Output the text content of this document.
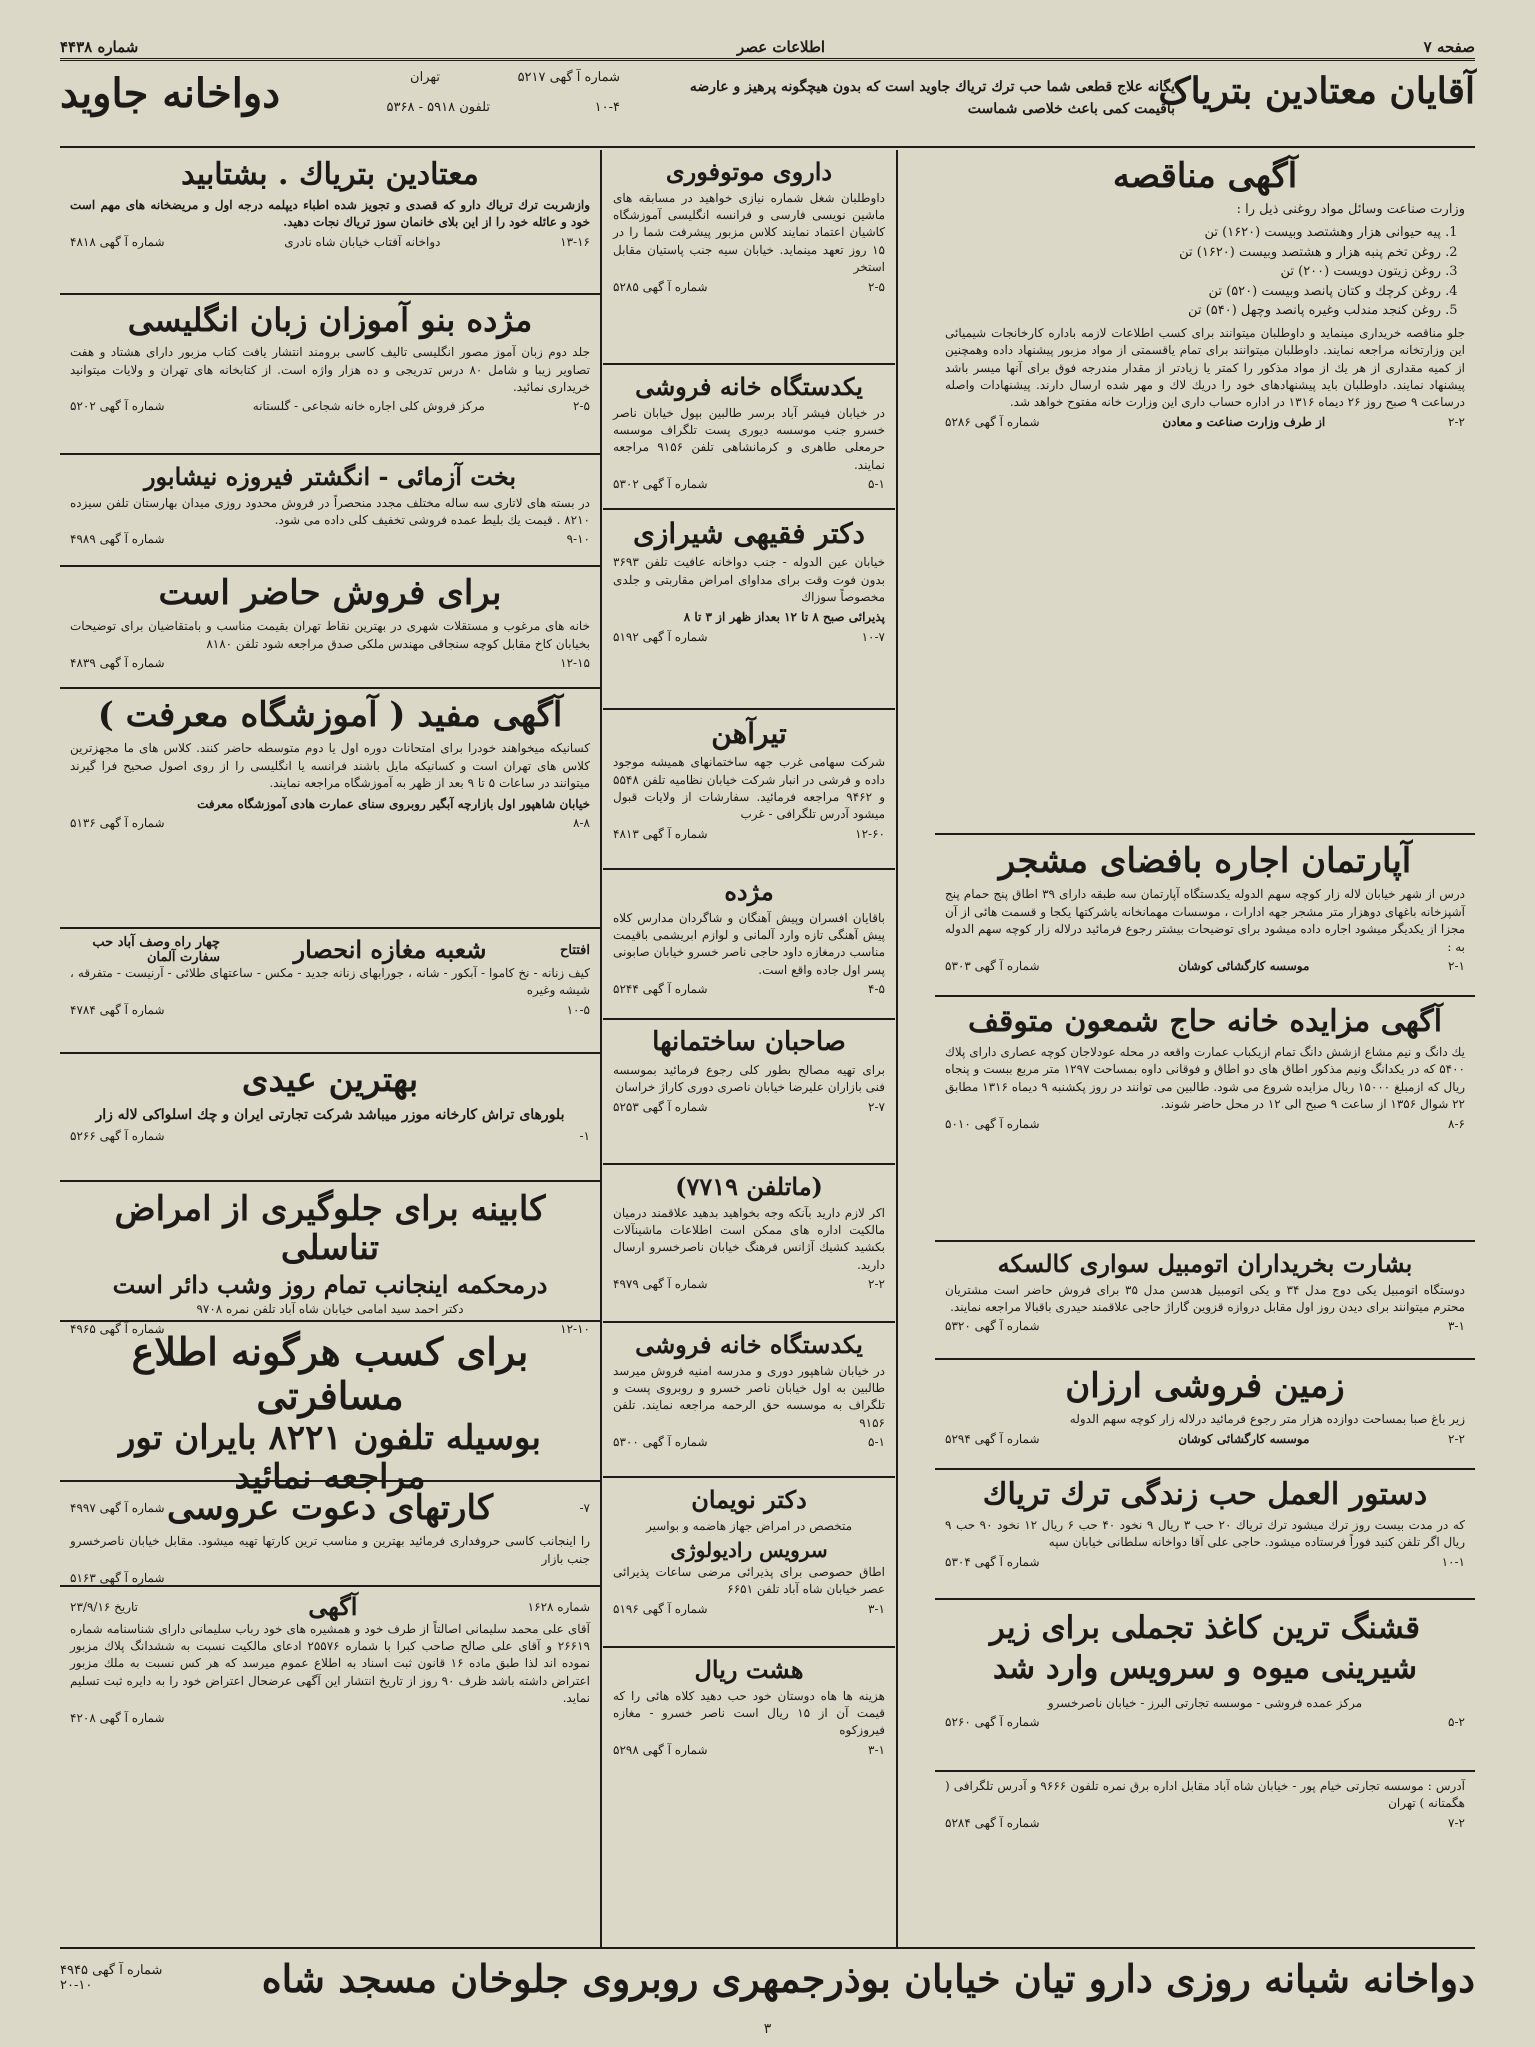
صفحه ۷
اطلاعات عصر
شماره ۴۴۳۸
آقایان معتادین بتریاک
یگانه علاج قطعی شما حب ترك تریاك جاوید است كه بدون هیچگونه پرهیز و عارضه باقیمت كمی باعث خلاصی شماست
شماره آ گهی ۵۲۱۷
تهران
۱۰-۴
تلفون ۵۹۱۸ - ۵۳۶۸
دواخانه جاوید
آگهی مناقصه

وزارت صناعت وسائل مواد روغنی ذیل را :

1. پیه حیوانی هزار وهشتصد وبیست (۱۶۲۰) تن
2. روغن تخم پنبه هزار و هشتصد وبیست (۱۶۲۰) تن
3. روغن زیتون دویست (۲۰۰) تن
4. روغن کرچك و كتان پانصد وبیست (۵۲۰) تن
5. روغن كنجد مندلب وغیره پانصد وچهل (۵۴۰) تن

جلو مناقصه خریداری مینماید و داوطلبان میتوانند برای كسب اطلاعات لازمه باداره كارخانجات شیمیائی این وزارتخانه مراجعه نمایند. داوطلبان میتوانند برای تمام یاقسمتی از مواد مزبور پیشنهاد داده وهمچنین از كمیه مقداری از هر یك از مواد مذكور را كمتر یا زیادتر از مقدار مندرجه فوق برای آنها میسر باشد پیشنهاد نمایند. داوطلبان باید پیشنهادهای خود را دریك لاك و مهر شده ارسال دارند. پیشنهادات واصله درساعت ۹ صبح روز ۲۶ دیماه ۱۳۱۶ در اداره حساب داری این وزارت خانه مفتوح خواهد شد.

۲-۲
از طرف وزارت صناعت و معادن
شماره آ گهی ۵۲۸۶
آپارتمان اجاره بافضای مشجر

درس از شهر خیابان لاله زار كوچه سهم الدوله یكدستگاه آپارتمان سه طبقه دارای ۳۹ اطاق پنج حمام پنج آشپزخانه باغهای دوهزار متر مشجر جهه ادارات ، موسسات مهمانخانه یاشركتها یكجا و قسمت هائی از آن مجزا از یكدیگر میشود اجاره داده میشود برای توضیحات بیشتر رجوع فرمائید درلاله زار كوچه سهم الدوله به :

۲-۱
موسسه كارگشائی كوشان
شماره آ گهی ۵۳۰۳
آگهی مزایده خانه حاج شمعون متوقف

یك دانگ و نیم مشاع ازشش دانگ تمام ازیكباب عمارت واقعه در محله عودلاجان كوچه عصاری دارای پلاك ۵۴۰۰ كه در یكدانگ ونیم مذكور اطاق های دو اطاق و فوقانی داوه بمساحت ۱۲۹۷ متر مربع ببست و پنجاه ریال كه ازمبلغ ۱۵۰۰۰ ریال مزایده شروع می شود. طالبین می توانند در روز پكشنبه ۹ دیماه ۱۳۱۶ مطابق ۲۲ شوال ۱۳۵۶ از ساعت ۹ صبح الی ۱۲ در محل حاضر شوند.

۸-۶
شماره آ گهی ۵۰۱۰
بشارت بخریداران اتومبیل سواری كالسكه

دوستگاه اتومبیل یكی دوج مدل ۳۴ و یكی اتومبیل هدسن مدل ۳۵ برای فروش حاضر است مشتریان محترم میتوانند برای دیدن روز اول مقابل دروازه قزوین گاراژ حاجی علاقمند حیدری باقبالا مراجعه نمایند.

۳-۱
شماره آ گهی ۵۳۲۰
زمین فروشی ارزان

زیر باغ صبا بمساحت دوازده هزار متر رجوع فرمائید درلاله زار كوچه سهم الدوله

۲-۲
موسسه كارگشائی كوشان
شماره آ گهی ۵۲۹۴
دستور العمل حب زندگی ترك تریاك

كه در مدت بیست روز ترك میشود ترك تریاك ۲۰ حب ۳ ریال ۹ نخود ۴۰ حب ۶ ریال ۱۲ نخود ۹۰ حب ۹ ریال اگر تلفن كنید فوراً فرستاده میشود. حاجی علی آقا دواخانه سلطانی خیابان سپه

۱۰-۱
شماره آ گهی ۵۳۰۴
قشنگ ترین كاغذ تجملی برای زیر شیرینی میوه و سرویس وارد شد

مركز عمده فروشی - موسسه تجارتی البرز - خیابان ناصرخسرو

۵-۲
شماره آ گهی ۵۲۶۰

آدرس : موسسه تجارتی خیام پور - خیابان شاه آباد مقابل اداره برق نمره تلفون ۹۶۶۶ و آدرس تلگرافی ( هگمتانه ) تهران

۷-۲
شماره آ گهی ۵۲۸۴
داروی موتوفوری

داوطلبان شغل شماره نیازی خواهید در مسابقه های ماشین نویسی فارسی و فرانسه انگلیسی آموزشگاه كاشیان اعتماد نمایند كلاس مزبور پیشرفت شما را در ۱۵ روز تعهد مینماید. خیابان سیه جنب پاستیان مقابل استخر

۲-۵
شماره آ گهی ۵۲۸۵
یكدستگاه خانه فروشی

در خیابان فیشر آباد برسر طالبین بپول خیابان ناصر خسرو جنب موسسه دیوری پست تلگراف موسسه حرمعلی طاهری و كرمانشاهی تلفن ۹۱۵۶ مراجعه نمایند.

۵-۱
شماره آ گهی ۵۳۰۲
دكتر فقیهی شیرازی

خیابان عین الدوله - جنب دواخانه عافیت تلفن ۳۶۹۳ بدون فوت وقت برای مداوای امراض مقاربتی و جلدی مخصوصاً سوزاك

پذیرائی صبح ۸ تا ۱۲ بعداز ظهر از ۳ تا ۸

۱۰-۷
شماره آ گهی ۵۱۹۲
تیرآهن

شركت سهامی غرب جهه ساختمانهای همیشه موجود داده و فرشی در انبار شركت خیابان نظامیه تلفن ۵۵۴۸ و ۹۴۶۲ مراجعه فرمائید. سفارشات از ولایات قبول میشود آدرس تلگرافی - غرب

۱۲-۶۰
شماره آ گهی ۴۸۱۳
مژده

باقایان افسران وپیش آهنگان و شاگردان مدارس كلاه پیش آهنگی تازه وارد آلمانی و لوازم ابریشمی باقیمت مناسب درمغازه داود حاجی ناصر خسرو خیابان صابونی پسر اول جاده واقع است.

۴-۵
شماره آ گهی ۵۲۴۴
صاحبان ساختمانها

برای تهیه مصالح بطور كلی رجوع فرمائید بموسسه فنی بازاران علیرضا خیابان ناصری دوری كاراژ خراسان

۲-۷
شماره آ گهی ۵۲۵۳
(ماتلفن ۷۷۱۹)

اكر لازم دارید بآنكه وجه بخواهید بدهید علاقمند درمیان مالكیت اداره های ممكن است اطلاعات ماشینآلات بكشید كشیك آژانس فرهنگ خیابان ناصرخسرو ارسال دارید.

۲-۲
شماره آ گهی ۴۹۷۹
یكدستگاه خانه فروشی

در خیابان شاهپور دوری و مدرسه امنیه فروش میرسد طالبین به اول خیابان ناصر خسرو و روبروی پست و تلگراف به موسسه حق الرحمه مراجعه نمایند. تلفن ۹۱۵۶

۵-۱
شماره آ گهی ۵۳۰۰
دكتر نویمان

متخصص در امراض جهاز هاضمه و بواسیر

سرویس رادیولوژی

اطاق حصوصی برای پذیرائی مرضی ساعات پذیرائی عصر خیابان شاه آباد تلفن ۶۶۵۱

۳-۱
شماره آ گهی ۵۱۹۶
هشت ریال

هزینه ها هاه دوستان خود حب دهید كلاه هائی را كه قیمت آن از ۱۵ ریال است ناصر خسرو - مغازه فیروزكوه

۳-۱
شماره آ گهی ۵۲۹۸
معتادین بتریاك . بشتابید

وازشربت ترك تریاك دارو كه قصدی و تجویز شده اطباء دیپلمه درجه اول و مریضخانه های مهم است خود و عائله خود را از این بلای خانمان سوز تریاك نجات دهید.

۱۳-۱۶
دواخانه آفتاب خیابان شاه نادری
شماره آ گهی ۴۸۱۸
مژده بنو آموزان زبان انگلیسی

جلد دوم زبان آموز مصور انگلیسی تالیف كاسی برومند انتشار یافت كتاب مزبور دارای هشتاد و هفت تصاویر زیبا و شامل ۸۰ درس تدریجی و ده هزار واژه است. از كتابخانه های تهران و ولایات میتوانید خریداری نمائید.

۲-۵
مركز فروش كلی اجاره خانه شجاعی - گلستانه
شماره آ گهی ۵۲۰۲
بخت آزمائی - انگشتر فیروزه نیشابور

در بسته های لاتاری سه ساله مختلف مجدد منحصراً در فروش محدود روزی میدان بهارستان تلفن سیزده ۸۲۱۰ . قیمت یك بلیط عمده فروشی تخفیف كلی داده می شود.

۹-۱۰
شماره آ گهی ۴۹۸۹
برای فروش حاضر است

خانه های مرغوب و مستقلات شهری در بهترین نقاط تهران بقیمت مناسب و بامتقاضیان برای توضیحات بخیابان كاخ مقابل كوچه سنجاقی مهندس ملكی صدق مراجعه شود تلفن ۸۱۸۰

۱۲-۱۵
شماره آ گهی ۴۸۳۹
آگهی مفید ( آموزشگاه معرفت )

كسانیكه میخواهند خودرا برای امتحانات دوره اول یا دوم متوسطه حاضر كنند. كلاس های ما مجهزترین كلاس های تهران است و كسانیكه مایل باشند فرانسه یا انگلیسی را از روی اصول صحیح فرا گیرند میتوانند در ساعات ۵ تا ۹ بعد از ظهر به آموزشگاه مراجعه نمایند.

خیابان شاهپور اول بازارچه آبگیر روبروی سنای عمارت هادی آموزشگاه معرفت

۸-۸
شماره آ گهی ۵۱۳۶
افتتاح
شعبه مغازه انحصار
چهار راه وصف آباد حب سفارت آلمان

كیف زنانه - نخ كاموا - آبكور - شانه ، جورابهای زنانه جدید - مكس - ساعتهای طلائی - آرنیست - متفرقه ، شیشه وغیره

۱۰-۵
شماره آ گهی ۴۷۸۴
بهترین عیدی

بلورهای تراش كارخانه موزر میباشد شركت تجارتی ایران و چك اسلواكی لاله زار

۱-
شماره آ گهی ۵۲۶۶
كابینه برای جلوگیری از امراض تناسلی
درمحكمه اینجانب تمام روز وشب دائر است

دكتر احمد سید امامی خیابان شاه آباد تلفن نمره ۹۷۰۸

۱۲-۱۰
شماره آ گهی ۴۹۶۵
برای كسب هرگونه اطلاع مسافرتی
بوسیله تلفون ۸۲۲۱ بایران تور مراجعه نمائید
۷-
شماره آ گهی ۴۹۹۷ كارتهای دعوت عروسی

را اینجانب كاسی حروفداری فرمائید بهترین و مناسب ترین كارتها تهیه میشود. مقابل خیابان ناصرخسرو جنب بازار

شماره آ گهی ۵۱۶۳
شماره ۱۶۲۸
آگهی
تاریخ ۲۳/۹/۱۶

آقای علی محمد سلیمانی اصالتاً از طرف خود و همشیره های خود رباب سلیمانی دارای شناسنامه شماره ۲۶۶۱۹ و آقای علی صالح صاحب كبرا با شماره ۲۵۵۷۶ ادعای مالكیت نسبت به ششدانگ پلاك مزبور نموده اند لذا طبق ماده ۱۶ قانون ثبت اسناد به اطلاع عموم میرسد كه هر كس نسبت به ملك مزبور اعتراض داشته باشد ظرف ۹۰ روز از تاریخ انتشار این آگهی عرضحال اعتراض خود را به دایره ثبت تسلیم نماید.

شماره آ گهی ۴۲۰۸
دواخانه شبانه روزی دارو تیان خیابان بوذرجمهری روبروی جلوخان مسجد شاه
شماره آ گهی ۴۹۴۵
۲۰-۱۰
۳
